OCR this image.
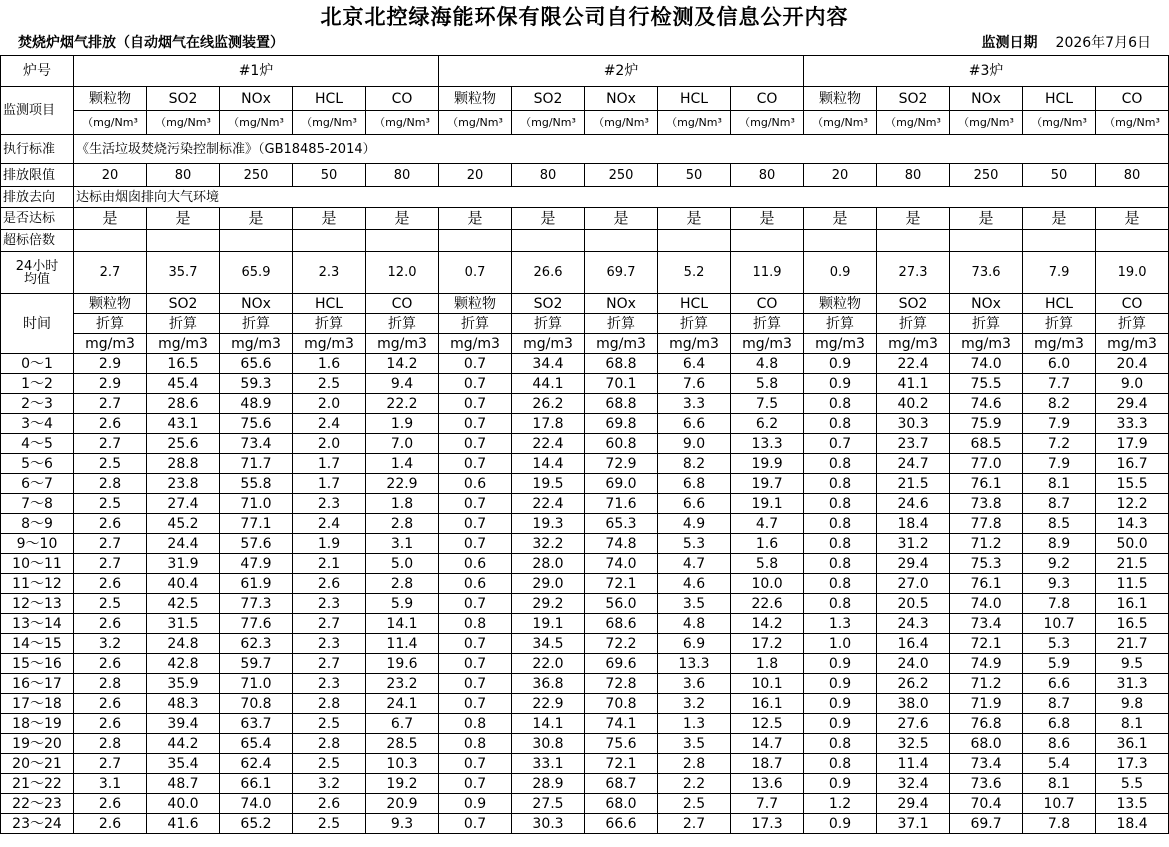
北京北控绿海能环保有限公司自行检测及信息公开内容
焚烧炉烟气排放（自动烟气在线监测装置）	监测日期 2026年7月6日
炉号	#1炉					#2炉					#3炉				
监测项目	颗粒物	SO2	NOx	HCL	CO	颗粒物	SO2	NOx	HCL	CO	颗粒物	SO2	NOx	HCL	CO
	（mg/Nm³	（mg/Nm³	（mg/Nm³	（mg/Nm³	（mg/Nm³	（mg/Nm³	（mg/Nm³	（mg/Nm³	（mg/Nm³	（mg/Nm³	（mg/Nm³	（mg/Nm³	（mg/Nm³	（mg/Nm³	（mg/Nm³
执行标准	《生活垃圾焚烧污染控制标准》（GB18485-2014）														
排放限值	20	80	250	50	80	20	80	250	50	80	20	80	250	50	80
排放去向	达标由烟囱排向大气环境														
是否达标	是	是	是	是	是	是	是	是	是	是	是	是	是	是	是
超标倍数															

24小时
均值	2.7	35.7	65.9	2.3	12.0	0.7	26.6	69.7	5.2	11.9	0.9	27.3	73.6	7.9	19.0
时间	颗粒物	SO2	NOx	HCL	CO	颗粒物	SO2	NOx	HCL	CO	颗粒物	SO2	NOx	HCL	CO
	折算	折算	折算	折算	折算	折算	折算	折算	折算	折算	折算	折算	折算	折算	折算
	mg/m3	mg/m3	mg/m3	mg/m3	mg/m3	mg/m3	mg/m3	mg/m3	mg/m3	mg/m3	mg/m3	mg/m3	mg/m3	mg/m3	mg/m3
0～1	2.9	16.5	65.6	1.6	14.2	0.7	34.4	68.8	6.4	4.8	0.9	22.4	74.0	6.0	20.4
1～2	2.9	45.4	59.3	2.5	9.4	0.7	44.1	70.1	7.6	5.8	0.9	41.1	75.5	7.7	9.0
2～3	2.7	28.6	48.9	2.0	22.2	0.7	26.2	68.8	3.3	7.5	0.8	40.2	74.6	8.2	29.4
3～4	2.6	43.1	75.6	2.4	1.9	0.7	17.8	69.8	6.6	6.2	0.8	30.3	75.9	7.9	33.3
4～5	2.7	25.6	73.4	2.0	7.0	0.7	22.4	60.8	9.0	13.3	0.7	23.7	68.5	7.2	17.9
5～6	2.5	28.8	71.7	1.7	1.4	0.7	14.4	72.9	8.2	19.9	0.8	24.7	77.0	7.9	16.7
6～7	2.8	23.8	55.8	1.7	22.9	0.6	19.5	69.0	6.8	19.7	0.8	21.5	76.1	8.1	15.5
7～8	2.5	27.4	71.0	2.3	1.8	0.7	22.4	71.6	6.6	19.1	0.8	24.6	73.8	8.7	12.2
8～9	2.6	45.2	77.1	2.4	2.8	0.7	19.3	65.3	4.9	4.7	0.8	18.4	77.8	8.5	14.3
9～10	2.7	24.4	57.6	1.9	3.1	0.7	32.2	74.8	5.3	1.6	0.8	31.2	71.2	8.9	50.0
10～11	2.7	31.9	47.9	2.1	5.0	0.6	28.0	74.0	4.7	5.8	0.8	29.4	75.3	9.2	21.5
11～12	2.6	40.4	61.9	2.6	2.8	0.6	29.0	72.1	4.6	10.0	0.8	27.0	76.1	9.3	11.5
12～13	2.5	42.5	77.3	2.3	5.9	0.7	29.2	56.0	3.5	22.6	0.8	20.5	74.0	7.8	16.1
13～14	2.6	31.5	77.6	2.7	14.1	0.8	19.1	68.6	4.8	14.2	1.3	24.3	73.4	10.7	16.5
14～15	3.2	24.8	62.3	2.3	11.4	0.7	34.5	72.2	6.9	17.2	1.0	16.4	72.1	5.3	21.7
15～16	2.6	42.8	59.7	2.7	19.6	0.7	22.0	69.6	13.3	1.8	0.9	24.0	74.9	5.9	9.5
16～17	2.8	35.9	71.0	2.3	23.2	0.7	36.8	72.8	3.6	10.1	0.9	26.2	71.2	6.6	31.3
17～18	2.6	48.3	70.8	2.8	24.1	0.7	22.9	70.8	3.2	16.1	0.9	38.0	71.9	8.7	9.8
18～19	2.6	39.4	63.7	2.5	6.7	0.8	14.1	74.1	1.3	12.5	0.9	27.6	76.8	6.8	8.1
19～20	2.8	44.2	65.4	2.8	28.5	0.8	30.8	75.6	3.5	14.7	0.8	32.5	68.0	8.6	36.1
20～21	2.7	35.4	62.4	2.5	10.3	0.7	33.1	72.1	2.8	18.7	0.8	11.4	73.4	5.4	17.3
21～22	3.1	48.7	66.1	3.2	19.2	0.7	28.9	68.7	2.2	13.6	0.9	32.4	73.6	8.1	5.5
22～23	2.6	40.0	74.0	2.6	20.9	0.9	27.5	68.0	2.5	7.7	1.2	29.4	70.4	10.7	13.5
23～24	2.6	41.6	65.2	2.5	9.3	0.7	30.3	66.6	2.7	17.3	0.9	37.1	69.7	7.8	18.4
